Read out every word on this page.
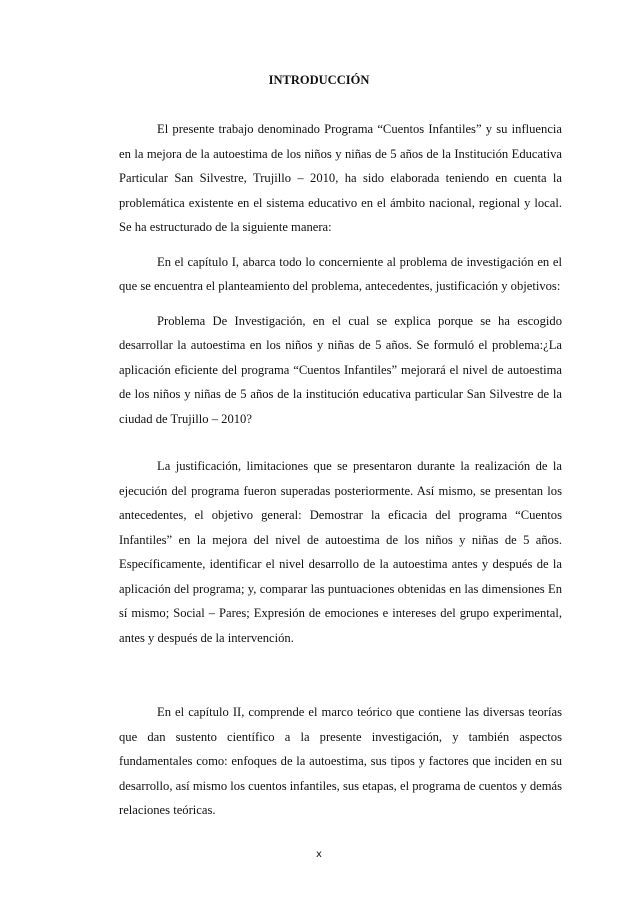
INTRODUCCIÓN

El presente trabajo denominado Programa “Cuentos Infantiles” y su influencia en la mejora de la autoestima de los niños y niñas de 5 años de la Institución Educativa Particular San Silvestre, Trujillo – 2010, ha sido elaborada teniendo en cuenta la problemática existente en el sistema educativo en el ámbito nacional, regional y local. Se ha estructurado de la siguiente manera:

En el capítulo I, abarca todo lo concerniente al problema de investigación en el que se encuentra el planteamiento del problema, antecedentes, justificación y objetivos:

Problema De Investigación, en el cual se explica porque se ha escogido desarrollar la autoestima en los niños y niñas de 5 años. Se formuló el problema:¿La aplicación eficiente del programa “Cuentos Infantiles” mejorará el nivel de autoestima de los niños y niñas de 5 años de la institución educativa particular San Silvestre de la ciudad de Trujillo – 2010?

La justificación, limitaciones que se presentaron durante la realización de la ejecución del programa fueron superadas posteriormente. Así mismo, se presentan los antecedentes, el objetivo general: Demostrar la eficacia del programa “Cuentos Infantiles” en la mejora del nivel de autoestima de los niños y niñas de 5 años. Específicamente, identificar el nivel desarrollo de la autoestima antes y después de la aplicación del programa; y, comparar las puntuaciones obtenidas en las dimensiones En sí mismo; Social – Pares; Expresión de emociones e intereses del grupo experimental, antes y después de la intervención.

En el capítulo II, comprende el marco teórico que contiene las diversas teorías que dan sustento científico a la presente investigación, y también aspectos fundamentales como: enfoques de la autoestima, sus tipos y factores que inciden en su desarrollo, así mismo los cuentos infantiles, sus etapas, el programa de cuentos y demás relaciones teóricas.

x
